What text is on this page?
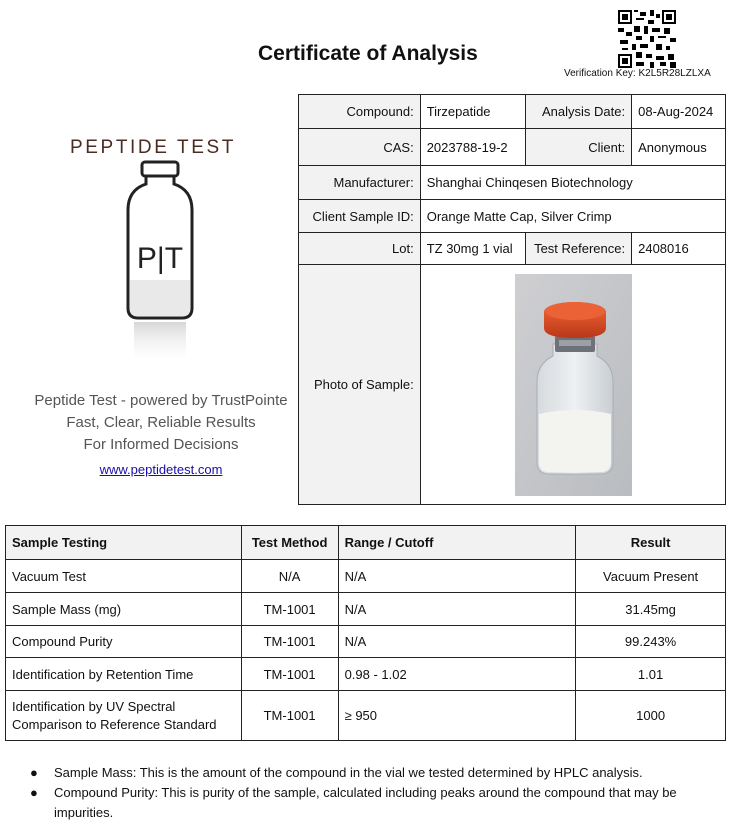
Certificate of Analysis
Verification Key: K2L5R28LZLXA
PEPTIDE TEST
P|T
Peptide Test - powered by TrustPointe
Fast, Clear, Reliable Results
For Informed Decisions
www.peptidetest.com
Compound:	Tirzepatide	Analysis Date:	08-Aug-2024
CAS:	2023788-19-2	Client:	Anonymous
Manufacturer:	Shanghai Chinqesen Biotechnology		
Client Sample ID:	Orange Matte Cap, Silver Crimp		
Lot:	TZ 30mg 1 vial	Test Reference:	2408016
Photo of Sample:	
Sample Testing	Test Method	Range / Cutoff	Result
Vacuum Test	N/A	N/A	Vacuum Present
Sample Mass (mg)	TM-1001	N/A	31.45mg
Compound Purity	TM-1001	N/A	99.243%
Identification by Retention Time	TM-1001	0.98 - 1.02	1.01
Identification by UV Spectral Comparison to Reference Standard	TM-1001	≥ 950	1000
● Sample Mass: This is the amount of the compound in the vial we tested determined by HPLC analysis.
● Compound Purity: This is purity of the sample, calculated including peaks around the compound that may be impurities.
